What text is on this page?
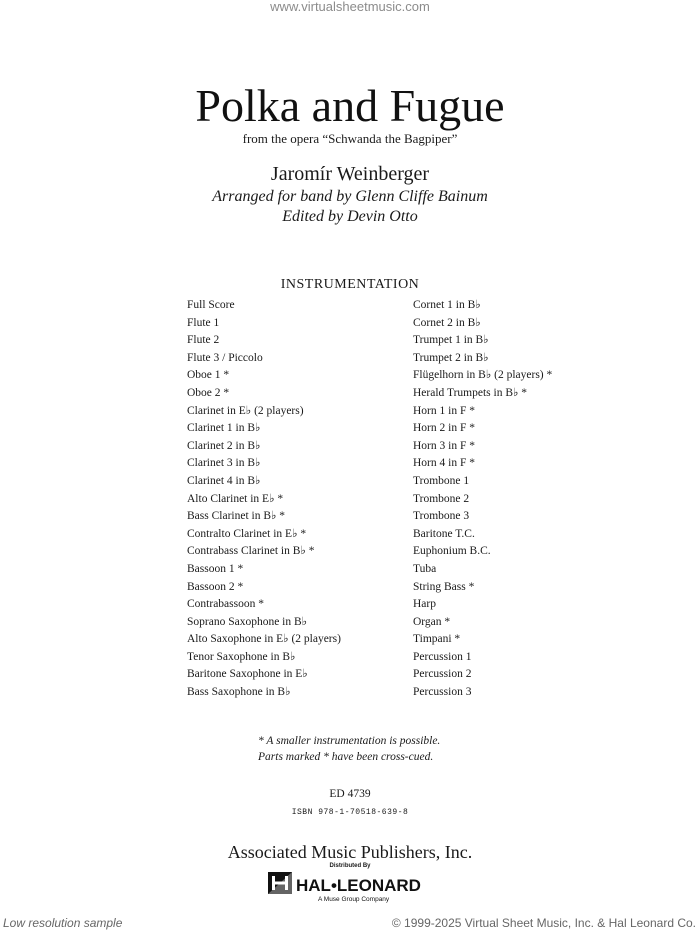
www.virtualsheetmusic.com
Polka and Fugue
from the opera “Schwanda the Bagpiper”
Jaromír Weinberger
Arranged for band by Glenn Cliffe Bainum
Edited by Devin Otto
INSTRUMENTATION
Full Score
Flute 1
Flute 2
Flute 3 / Piccolo
Oboe 1 *
Oboe 2 *
Clarinet in E♭ (2 players)
Clarinet 1 in B♭
Clarinet 2 in B♭
Clarinet 3 in B♭
Clarinet 4 in B♭
Alto Clarinet in E♭ *
Bass Clarinet in B♭ *
Contralto Clarinet in E♭ *
Contrabass Clarinet in B♭ *
Bassoon 1 *
Bassoon 2 *
Contrabassoon *
Soprano Saxophone in B♭
Alto Saxophone in E♭ (2 players)
Tenor Saxophone in B♭
Baritone Saxophone in E♭
Bass Saxophone in B♭
Cornet 1 in B♭
Cornet 2 in B♭
Trumpet 1 in B♭
Trumpet 2 in B♭
Flügelhorn in B♭ (2 players) *
Herald Trumpets in B♭ *
Horn 1 in F *
Horn 2 in F *
Horn 3 in F *
Horn 4 in F *
Trombone 1
Trombone 2
Trombone 3
Baritone T.C.
Euphonium B.C.
Tuba
String Bass *
Harp
Organ *
Timpani *
Percussion 1
Percussion 2
Percussion 3
* A smaller instrumentation is possible.
Parts marked * have been cross-cued.
ED 4739
ISBN 978-1-70518-639-8
Associated Music Publishers, Inc.
Distributed By
HAL•LEONARD
A Muse Group Company
Low resolution sample	© 1999-2025 Virtual Sheet Music, Inc. & Hal Leonard Co.
